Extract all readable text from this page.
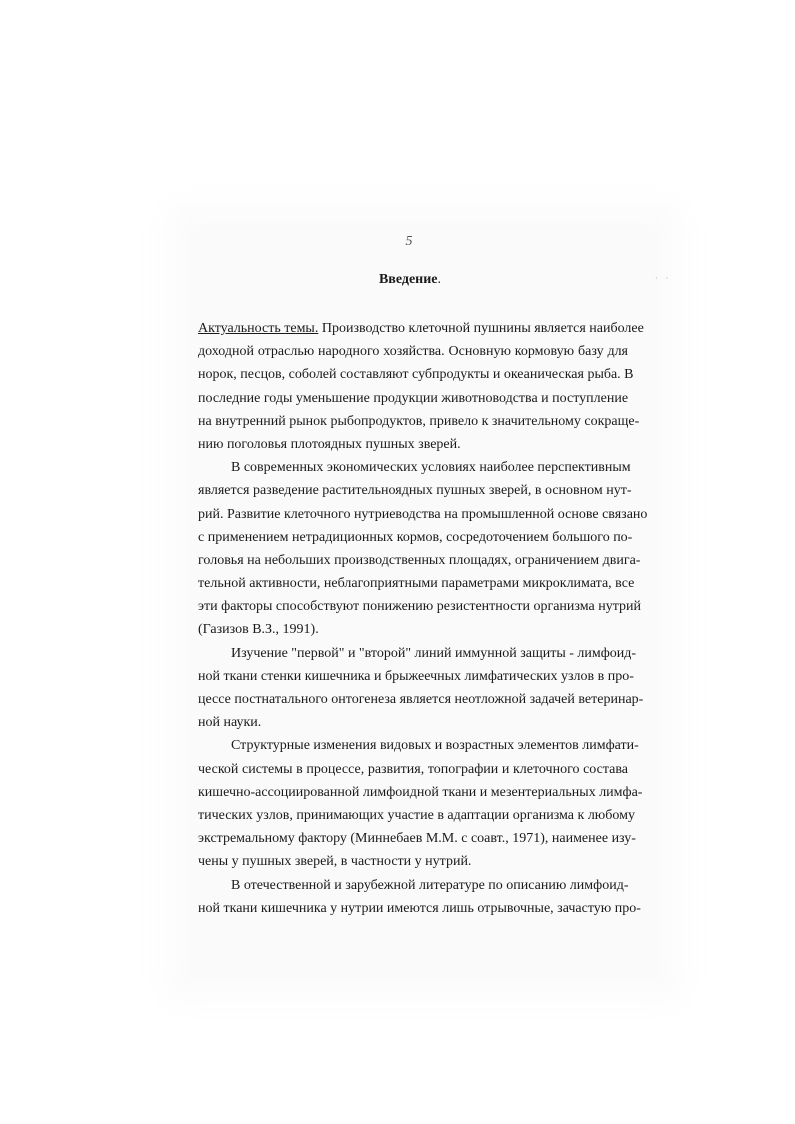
5
Введение.	· ·
Актуальность темы. Производство клеточной пушнины является наиболее
доходной отраслью народного хозяйства. Основную кормовую базу для
норок, песцов, соболей составляют субпродукты и океаническая рыба. В
последние годы уменьшение продукции животноводства и поступление
на внутренний рынок рыбопродуктов, привело к значительному сокраще-
нию поголовья плотоядных пушных зверей.
В современных экономических условиях наиболее перспективным
является разведение растительноядных пушных зверей, в основном нут-
рий. Развитие клеточного нутриеводства на промышленной основе связано
с применением нетрадиционных кормов, сосредоточением большого по-
головья на небольших производственных площадях, ограничением двига-
тельной активности, неблагоприятными параметрами микроклимата, все
эти факторы способствуют понижению резистентности организма нутрий
(Газизов В.З., 1991).
Изучение "первой" и "второй" линий иммунной защиты - лимфоид-
ной ткани стенки кишечника и брыжеечных лимфатических узлов в про-
цессе постнатального онтогенеза является неотложной задачей ветеринар-
ной науки.
Структурные изменения видовых и возрастных элементов лимфати-
ческой системы в процессе, развития, топографии и клеточного состава
кишечно-ассоциированной лимфоидной ткани и мезентериальных лимфа-
тических узлов, принимающих участие в адаптации организма к любому
экстремальному фактору (Миннебаев М.М. с соавт., 1971), наименее изу-
чены у пушных зверей, в частности у нутрий.
В отечественной и зарубежной литературе по описанию лимфоид-
ной ткани кишечника у нутрии имеются лишь отрывочные, зачастую про-
